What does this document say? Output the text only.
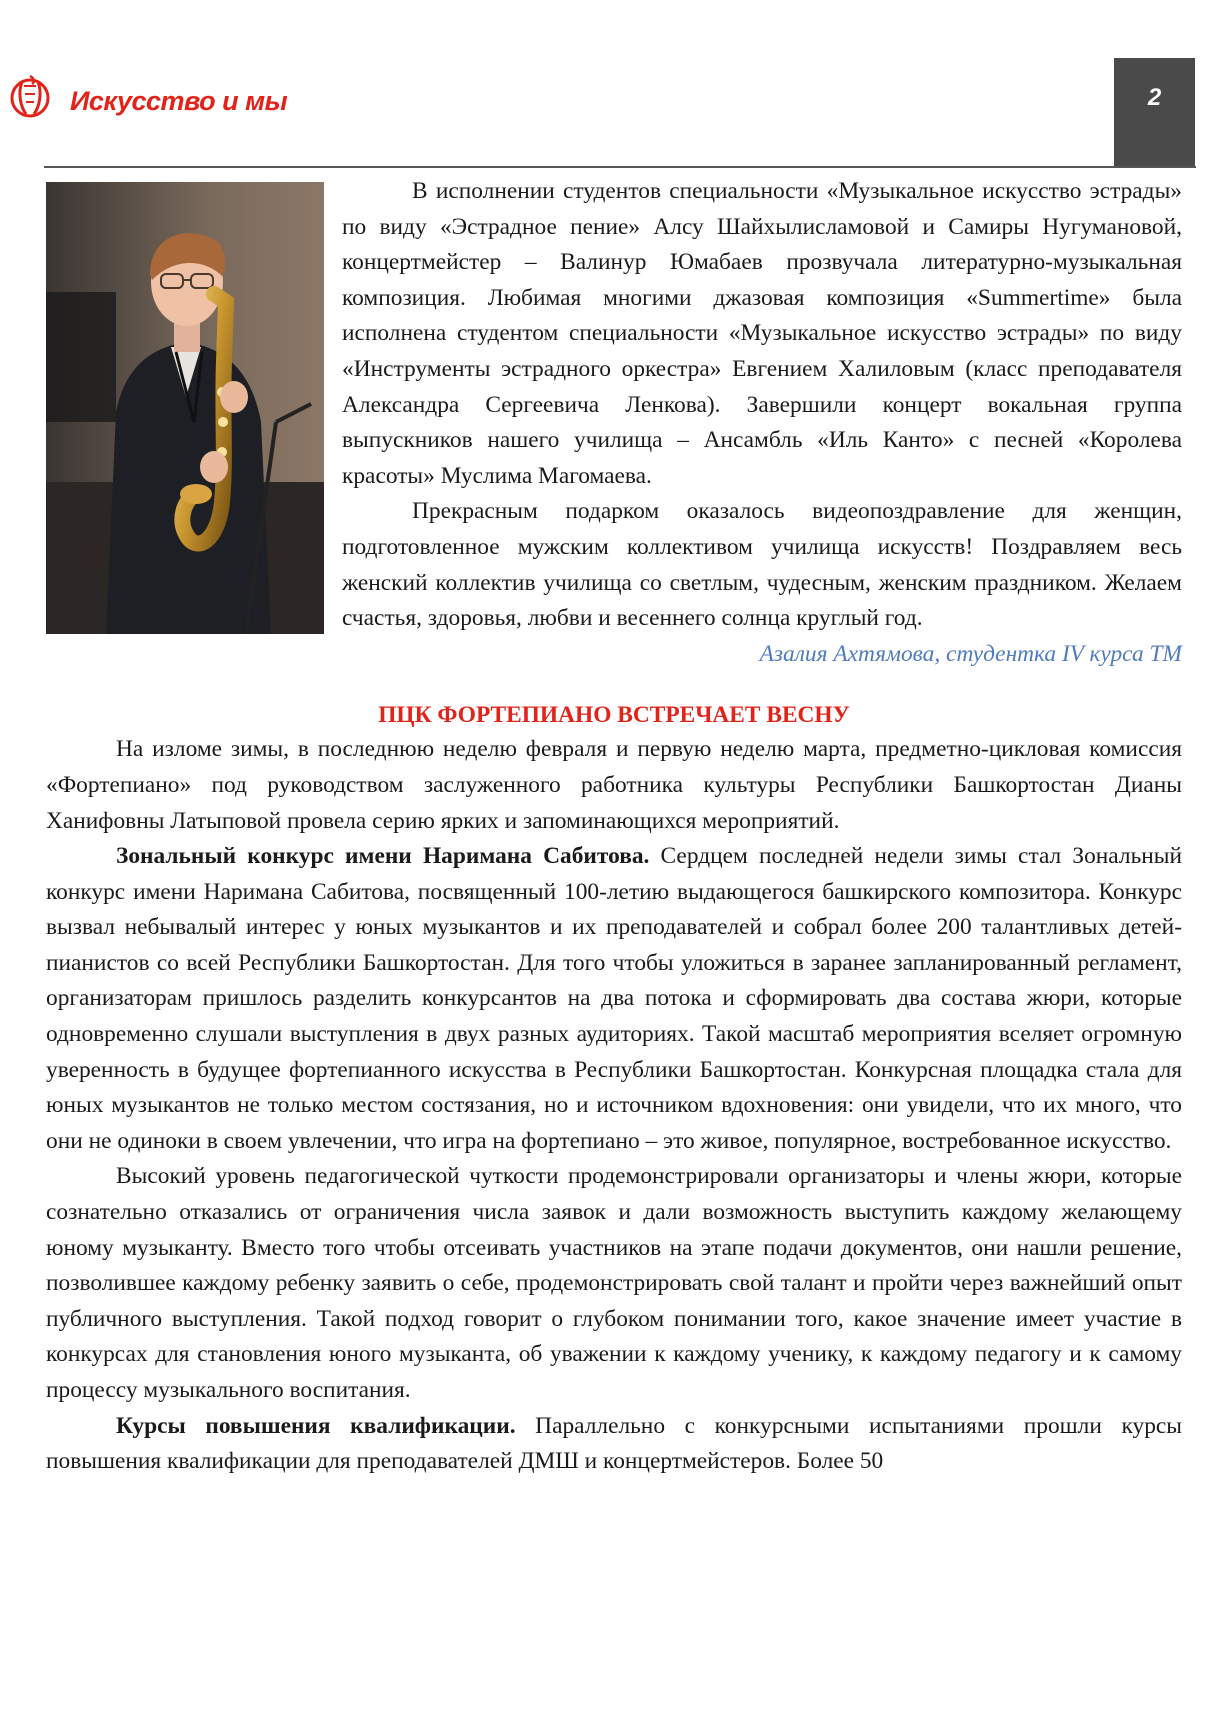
Искусство и мы	2

В исполнении студентов специальности «Музыкальное искусство эстрады» по виду «Эстрадное пение» Алсу Шайхылисламовой и Самиры Нугумановой, концертмейстер – Валинур Юмабаев прозвучала литературно-музыкальная композиция. Любимая многими джазовая композиция «Summertime» была исполнена студентом специальности «Музыкальное искусство эстрады» по виду «Инструменты эстрадного оркестра» Евгением Халиловым (класс преподавателя Александра Сергеевича Ленкова). Завершили концерт вокальная группа выпускников нашего училища – Ансамбль «Иль Канто» с песней «Королева красоты» Муслима Магомаева.

Прекрасным подарком оказалось видеопоздравление для женщин, подготовленное мужским коллективом училища искусств! Поздравляем весь женский коллектив училища со светлым, чудесным, женским праздником. Желаем счастья, здоровья, любви и весеннего солнца круглый год.

Азалия Ахтямова, студентка IV курса ТМ

ПЦК ФОРТЕПИАНО ВСТРЕЧАЕТ ВЕСНУ

На изломе зимы, в последнюю неделю февраля и первую неделю марта, предметно-цикловая комиссия «Фортепиано» под руководством заслуженного работника культуры Республики Башкортостан Дианы Ханифовны Латыповой провела серию ярких и запоминающихся мероприятий.

Зональный конкурс имени Наримана Сабитова. Сердцем последней недели зимы стал Зональный конкурс имени Наримана Сабитова, посвященный 100-летию выдающегося башкирского композитора. Конкурс вызвал небывалый интерес у юных музыкантов и их преподавателей и собрал более 200 талантливых детей-пианистов со всей Республики Башкортостан. Для того чтобы уложиться в заранее запланированный регламент, организаторам пришлось разделить конкурсантов на два потока и сформировать два состава жюри, которые одновременно слушали выступления в двух разных аудиториях. Такой масштаб мероприятия вселяет огромную уверенность в будущее фортепианного искусства в Республики Башкортостан. Конкурсная площадка стала для юных музыкантов не только местом состязания, но и источником вдохновения: они увидели, что их много, что они не одиноки в своем увлечении, что игра на фортепиано – это живое, популярное, востребованное искусство.

Высокий уровень педагогической чуткости продемонстрировали организаторы и члены жюри, которые сознательно отказались от ограничения числа заявок и дали возможность выступить каждому желающему юному музыканту. Вместо того чтобы отсеивать участников на этапе подачи документов, они нашли решение, позволившее каждому ребенку заявить о себе, продемонстрировать свой талант и пройти через важнейший опыт публичного выступления. Такой подход говорит о глубоком понимании того, какое значение имеет участие в конкурсах для становления юного музыканта, об уважении к каждому ученику, к каждому педагогу и к самому процессу музыкального воспитания.

Курсы повышения квалификации. Параллельно с конкурсными испытаниями прошли курсы повышения квалификации для преподавателей ДМШ и концертмейстеров. Более 50
